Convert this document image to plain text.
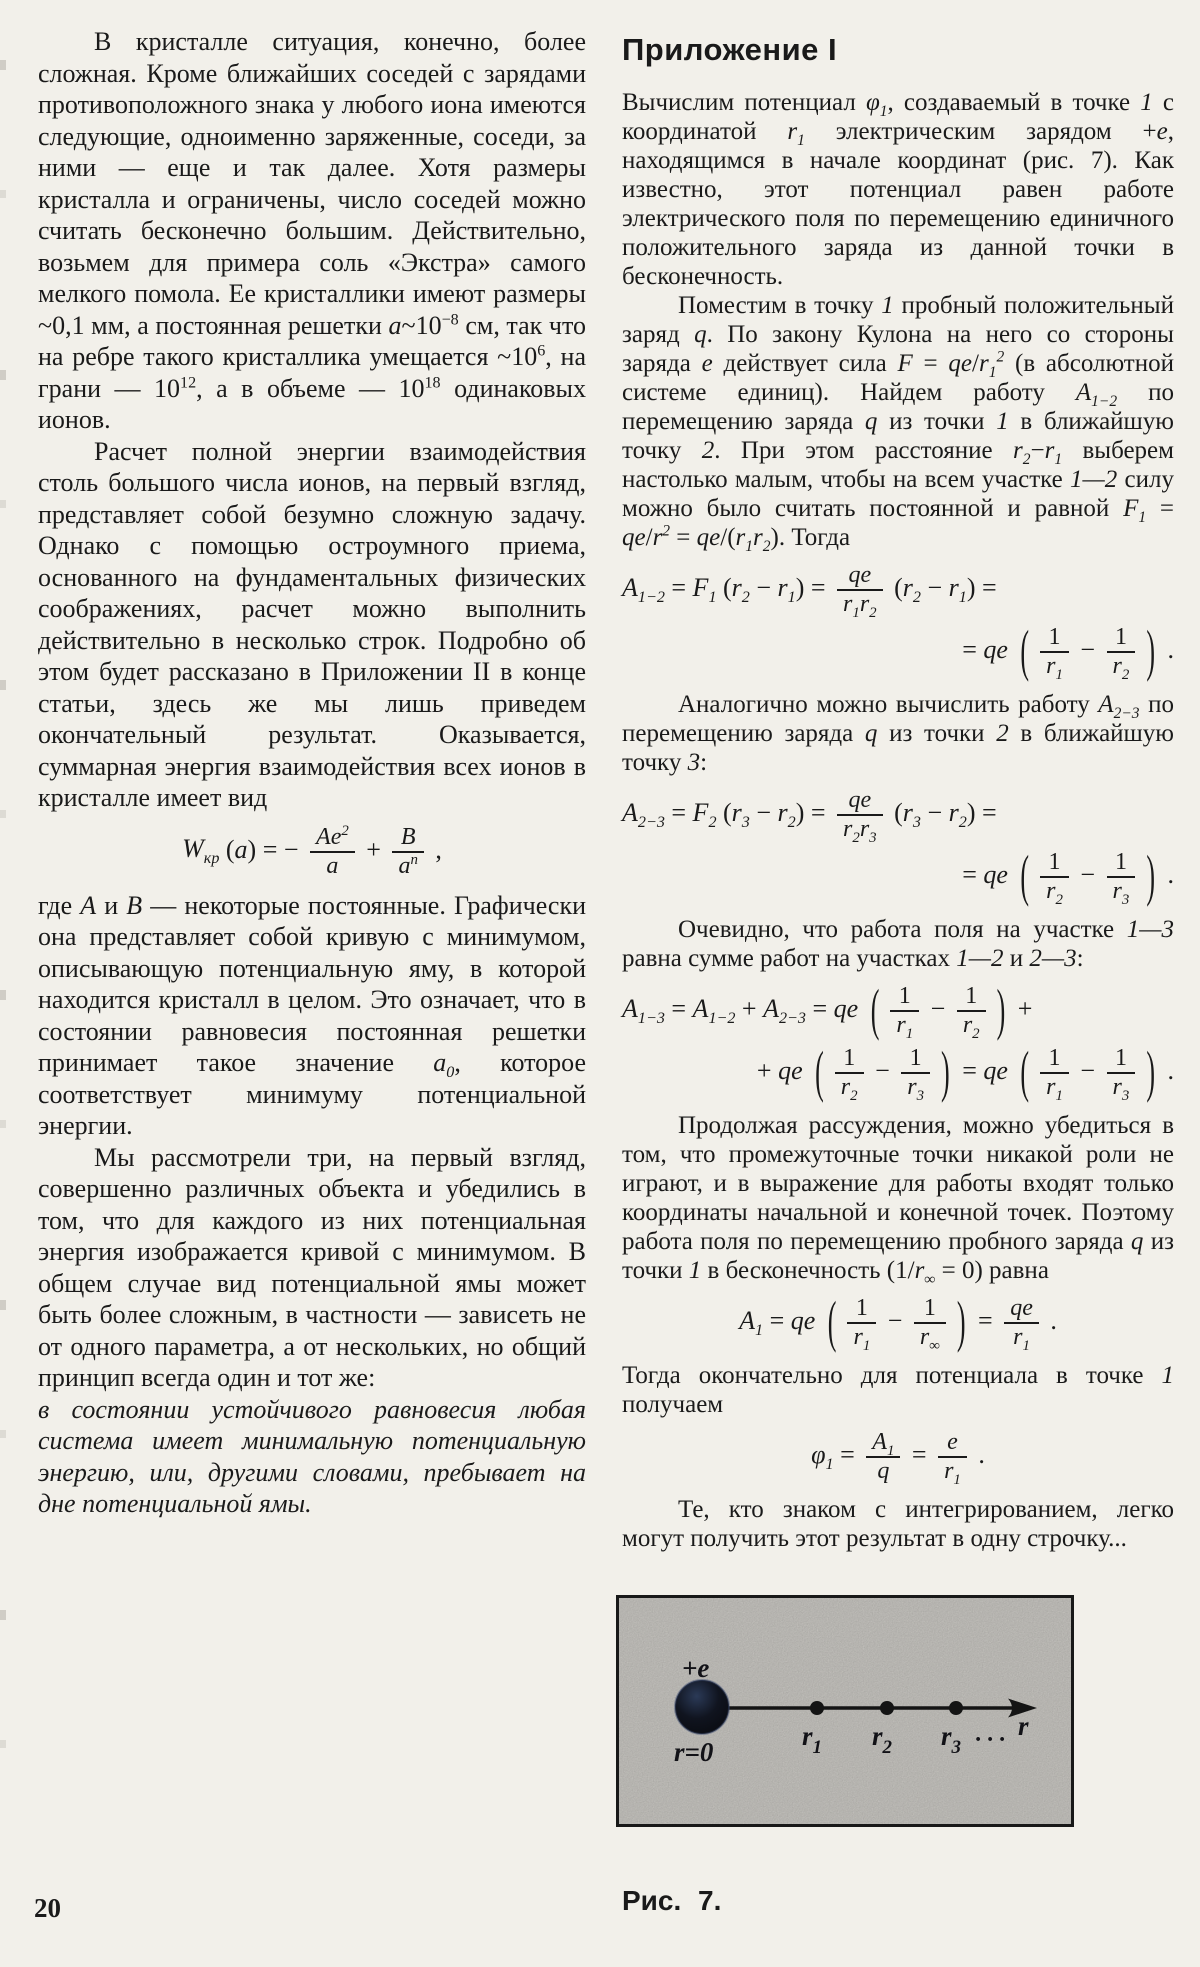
В кристалле ситуация, конечно, более сложная. Кроме ближайших соседей с зарядами противоположного знака у любого иона имеются следующие, одноименно заряженные, соседи, за ними — еще и так далее. Хотя размеры кристалла и ограничены, число соседей можно считать бесконечно большим. Действительно, возьмем для примера соль «Экстра» самого мелкого помола. Ее кристаллики имеют размеры ~0,1 мм, а постоянная решетки $a\sim 10^{-8}$ см, так что на ребре такого кристаллика умещается $\sim 10^6$, на грани — $10^{12}$, а в объеме — $10^{18}$ одинаковых ионов.

Расчет полной энергии взаимодействия столь большого числа ионов, на первый взгляд, представляет собой безумно сложную задачу. Однако с помощью остроумного приема, основанного на фундаментальных физических соображениях, расчет можно выполнить действительно в несколько строк. Подробно об этом будет рассказано в Приложении II в конце статьи, здесь же мы лишь приведем окончательный результат. Оказывается, суммарная энергия взаимодействия всех ионов в кристалле имеет вид

$W_{кр}$ (a) = − $\frac{Ae^2}{a} + \frac{B}{a^n}$ ,

где A и B — некоторые постоянные. Графически она представляет собой кривую с минимумом, описывающую потенциальную яму, в которой находится кристалл в целом. Это означает, что в состоянии равновесия постоянная решетки принимает такое значение $a_0$, которое соответствует минимуму потенциальной энергии.

Мы рассмотрели три, на первый взгляд, совершенно различных объекта и убедились в том, что для каждого из них потенциальная энергия изображается кривой с минимумом. В общем случае вид потенциальной ямы может быть более сложным, в частности — зависеть не от одного параметра, а от нескольких, но общий принцип всегда один и тот же:

в состоянии устойчивого равновесия любая система имеет минимальную потенциальную энергию, или, другими словами, пребывает на дне потенциальной ямы.

Приложение I

Вычислим потенциал $\varphi_1$, создаваемый в точке 1 с координатой $r_1$ электрическим зарядом +e, находящимся в начале координат (рис. 7). Как известно, этот потенциал равен работе электрического поля по перемещению единичного положительного заряда из данной точки в бесконечность.

Поместим в точку 1 пробный положительный заряд q. По закону Кулона на него со стороны заряда e действует сила $F = qe/r_1^2$ (в абсолютной системе единиц). Найдем работу $A_{1-2}$ по перемещению заряда q из точки 1 в ближайшую точку 2. При этом расстояние $r_2-r_1$ выберем настолько малым, чтобы на всем участке 1—2 силу можно было считать постоянной и равной $F_1 = qe/r^2 = qe/(r_1r_2)$. Тогда

$A_{1-2} = F_1$ $(r_2 - r_1) = \frac{qe}{r_1r_2} (r_2 - r_1)$ =
= qe ( $\frac{1}{r_1} - \frac{1}{r_2}$ ) .

Аналогично можно вычислить работу $A_{2-3}$ по перемещению заряда q из точки 2 в ближайшую точку 3:

$A_{2-3} = F_2$ $(r_3 - r_2) = \frac{qe}{r_2r_3} (r_3 - r_2)$ =
= qe ( $\frac{1}{r_2} - \frac{1}{r_3}$ ) .

Очевидно, что работа поля на участке 1—3 равна сумме работ на участках 1—2 и 2—3:

$A_{1-3} = A_{1-2} + A_{2-3}$ = qe ( $\frac{1}{r_1} - \frac{1}{r_2}$ ) +
+ qe ( $\frac{1}{r_2} - \frac{1}{r_3}$ ) = qe ( $\frac{1}{r_1} - \frac{1}{r_3}$ ) .

Продолжая рассуждения, можно убедиться в том, что промежуточные точки никакой роли не играют, и в выражение для работы входят только координаты начальной и конечной точек. Поэтому работа поля по перемещению пробного заряда q из точки 1 в бесконечность $(1/r_\infty = 0)$ равна

$A_1$ = qe ( $\frac{1}{r_1} - \frac{1}{r_\infty}$ ) = $\frac{qe}{r_1}$ .

Тогда окончательно для потенциала в точке 1 получаем

$\varphi_1 = \frac{A_1}{q} = \frac{e}{r_1}$ .

Те, кто знаком с интегрированием, легко могут получить этот результат в одну строчку...

+e
r=0
$r_1$ $r_2$ $r_3$
... r
Рис. 7.
20
